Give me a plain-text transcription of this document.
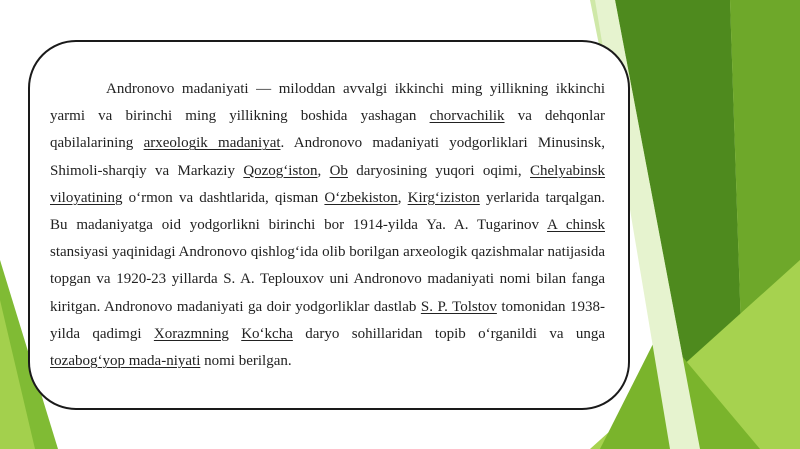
Andronovo madaniyati — miloddan avvalgi ikkinchi ming yillikning ikkinchi yarmi va birinchi ming yillikning boshida yashagan chorvachilik va dehqonlar qabilalarining arxeologik madaniyat. Andronovo madaniyati yodgorliklari Minusinsk, Shimoli-sharqiy va Markaziy Qozog‘iston, Ob daryosining yuqori oqimi, Chelyabinsk viloyatining o‘rmon va dashtlarida, qisman O‘zbekiston, Kirg‘iziston yerlarida tarqalgan. Bu madaniyatga oid yodgorlikni birinchi bor 1914-yilda Ya. A. Tugarinov A chinsk stansiyasi yaqinidagi Andronovo qishlog‘ida olib borilgan arxeologik qazishmalar natijasida topgan va 1920-23 yillarda S. A. Teplouxov uni Andronovo madaniyati nomi bilan fanga kiritgan. Andronovo madaniyati ga doir yodgorliklar dastlab S. P. Tolstov tomonidan 1938-yilda qadimgi Xorazmning Ko‘kcha daryo sohillaridan topib o‘rganildi va unga tozabog‘yop mada-niyati nomi berilgan.
